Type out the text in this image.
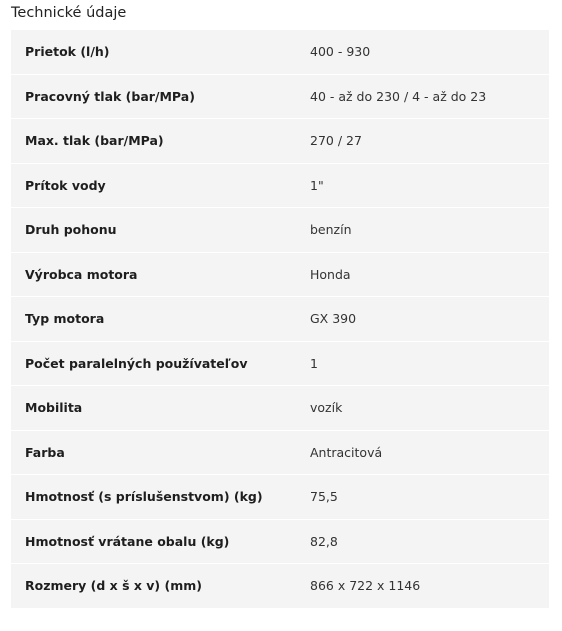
Technické údaje
Prietok (l/h)	400 - 930
Pracovný tlak (bar/MPa)	40 - až do 230 / 4 - až do 23
Max. tlak (bar/MPa)	270 / 27
Prítok vody	1"
Druh pohonu	benzín
Výrobca motora	Honda
Typ motora	GX 390
Počet paralelných používateľov	1
Mobilita	vozík
Farba	Antracitová
Hmotnosť (s príslušenstvom) (kg)	75,5
Hmotnosť vrátane obalu (kg)	82,8
Rozmery (d x š x v) (mm)	866 x 722 x 1146
